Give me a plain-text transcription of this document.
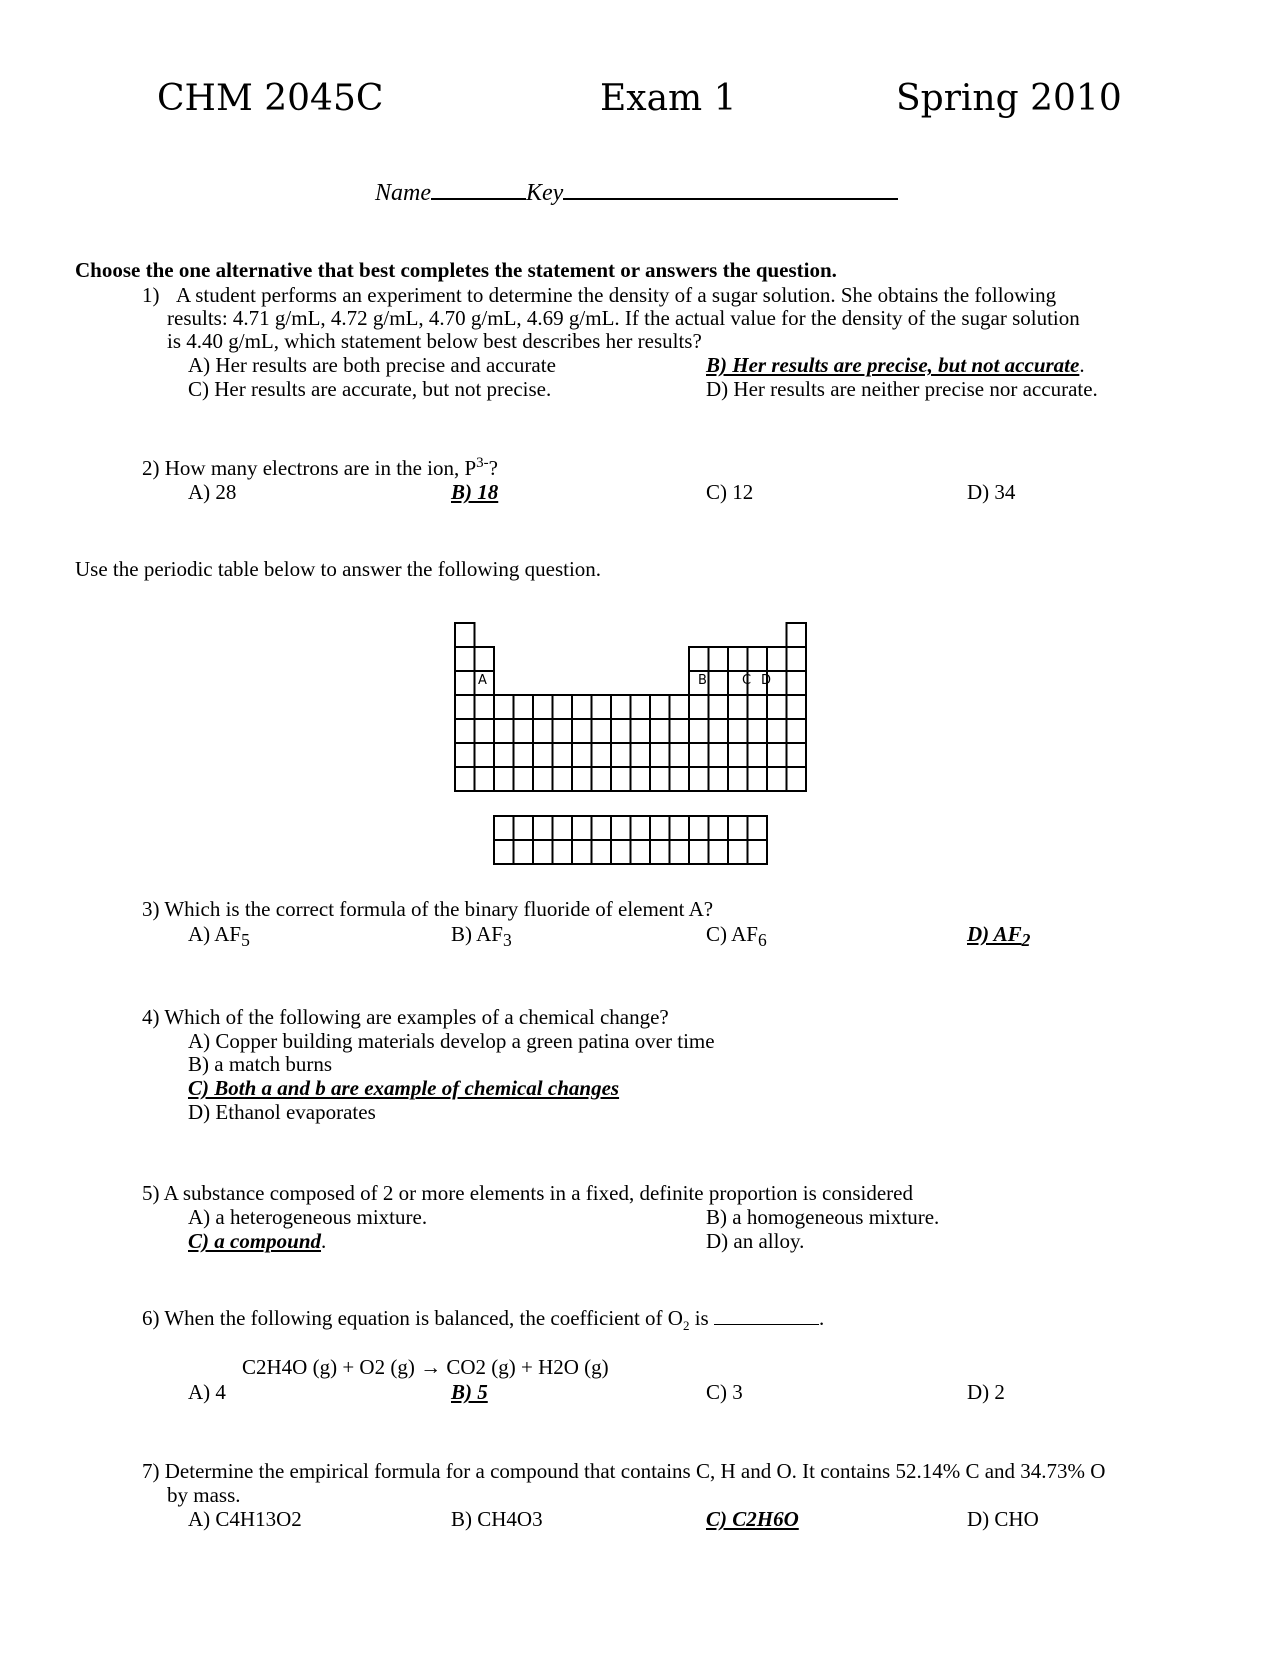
CHM 2045C	Exam 1	Spring 2010
Name	Key
Choose the one alternative that best completes the statement or answers the question.
1) A student performs an experiment to determine the density of a sugar solution. She obtains the following
results: 4.71 g/mL, 4.72 g/mL, 4.70 g/mL, 4.69 g/mL. If the actual value for the density of the sugar solution
is 4.40 g/mL, which statement below best describes her results?
A) Her results are both precise and accurate	B) Her results are precise, but not accurate.
C) Her results are accurate, but not precise.	D) Her results are neither precise nor accurate.
2) How many electrons are in the ion, $P^{3-}$?
A) 28	B) 18	C) 12	D) 34
Use the periodic table below to answer the following question.
A	B	C D
3) Which is the correct formula of the binary fluoride of element A?
A) $AF_5$	B) $AF_3$	C) $AF_6$	D) $AF_2$
4) Which of the following are examples of a chemical change?
A) Copper building materials develop a green patina over time
B) a match burns
C) Both a and b are example of chemical changes
D) Ethanol evaporates
5) A substance composed of 2 or more elements in a fixed, definite proportion is considered
A) a heterogeneous mixture.	B) a homogeneous mixture.
C) a compound.	D) an alloy.
6) When the following equation is balanced, the coefficient of $O_2$ is	.
C2H4O (g) + O2 (g) → CO2 (g) + H2O (g)
A) 4	B) 5	C) 3	D) 2
7) Determine the empirical formula for a compound that contains C, H and O. It contains 52.14% C and 34.73% O
by mass.
A) C4H13O2	B) CH4O3	C) C2H6O	D) CHO
